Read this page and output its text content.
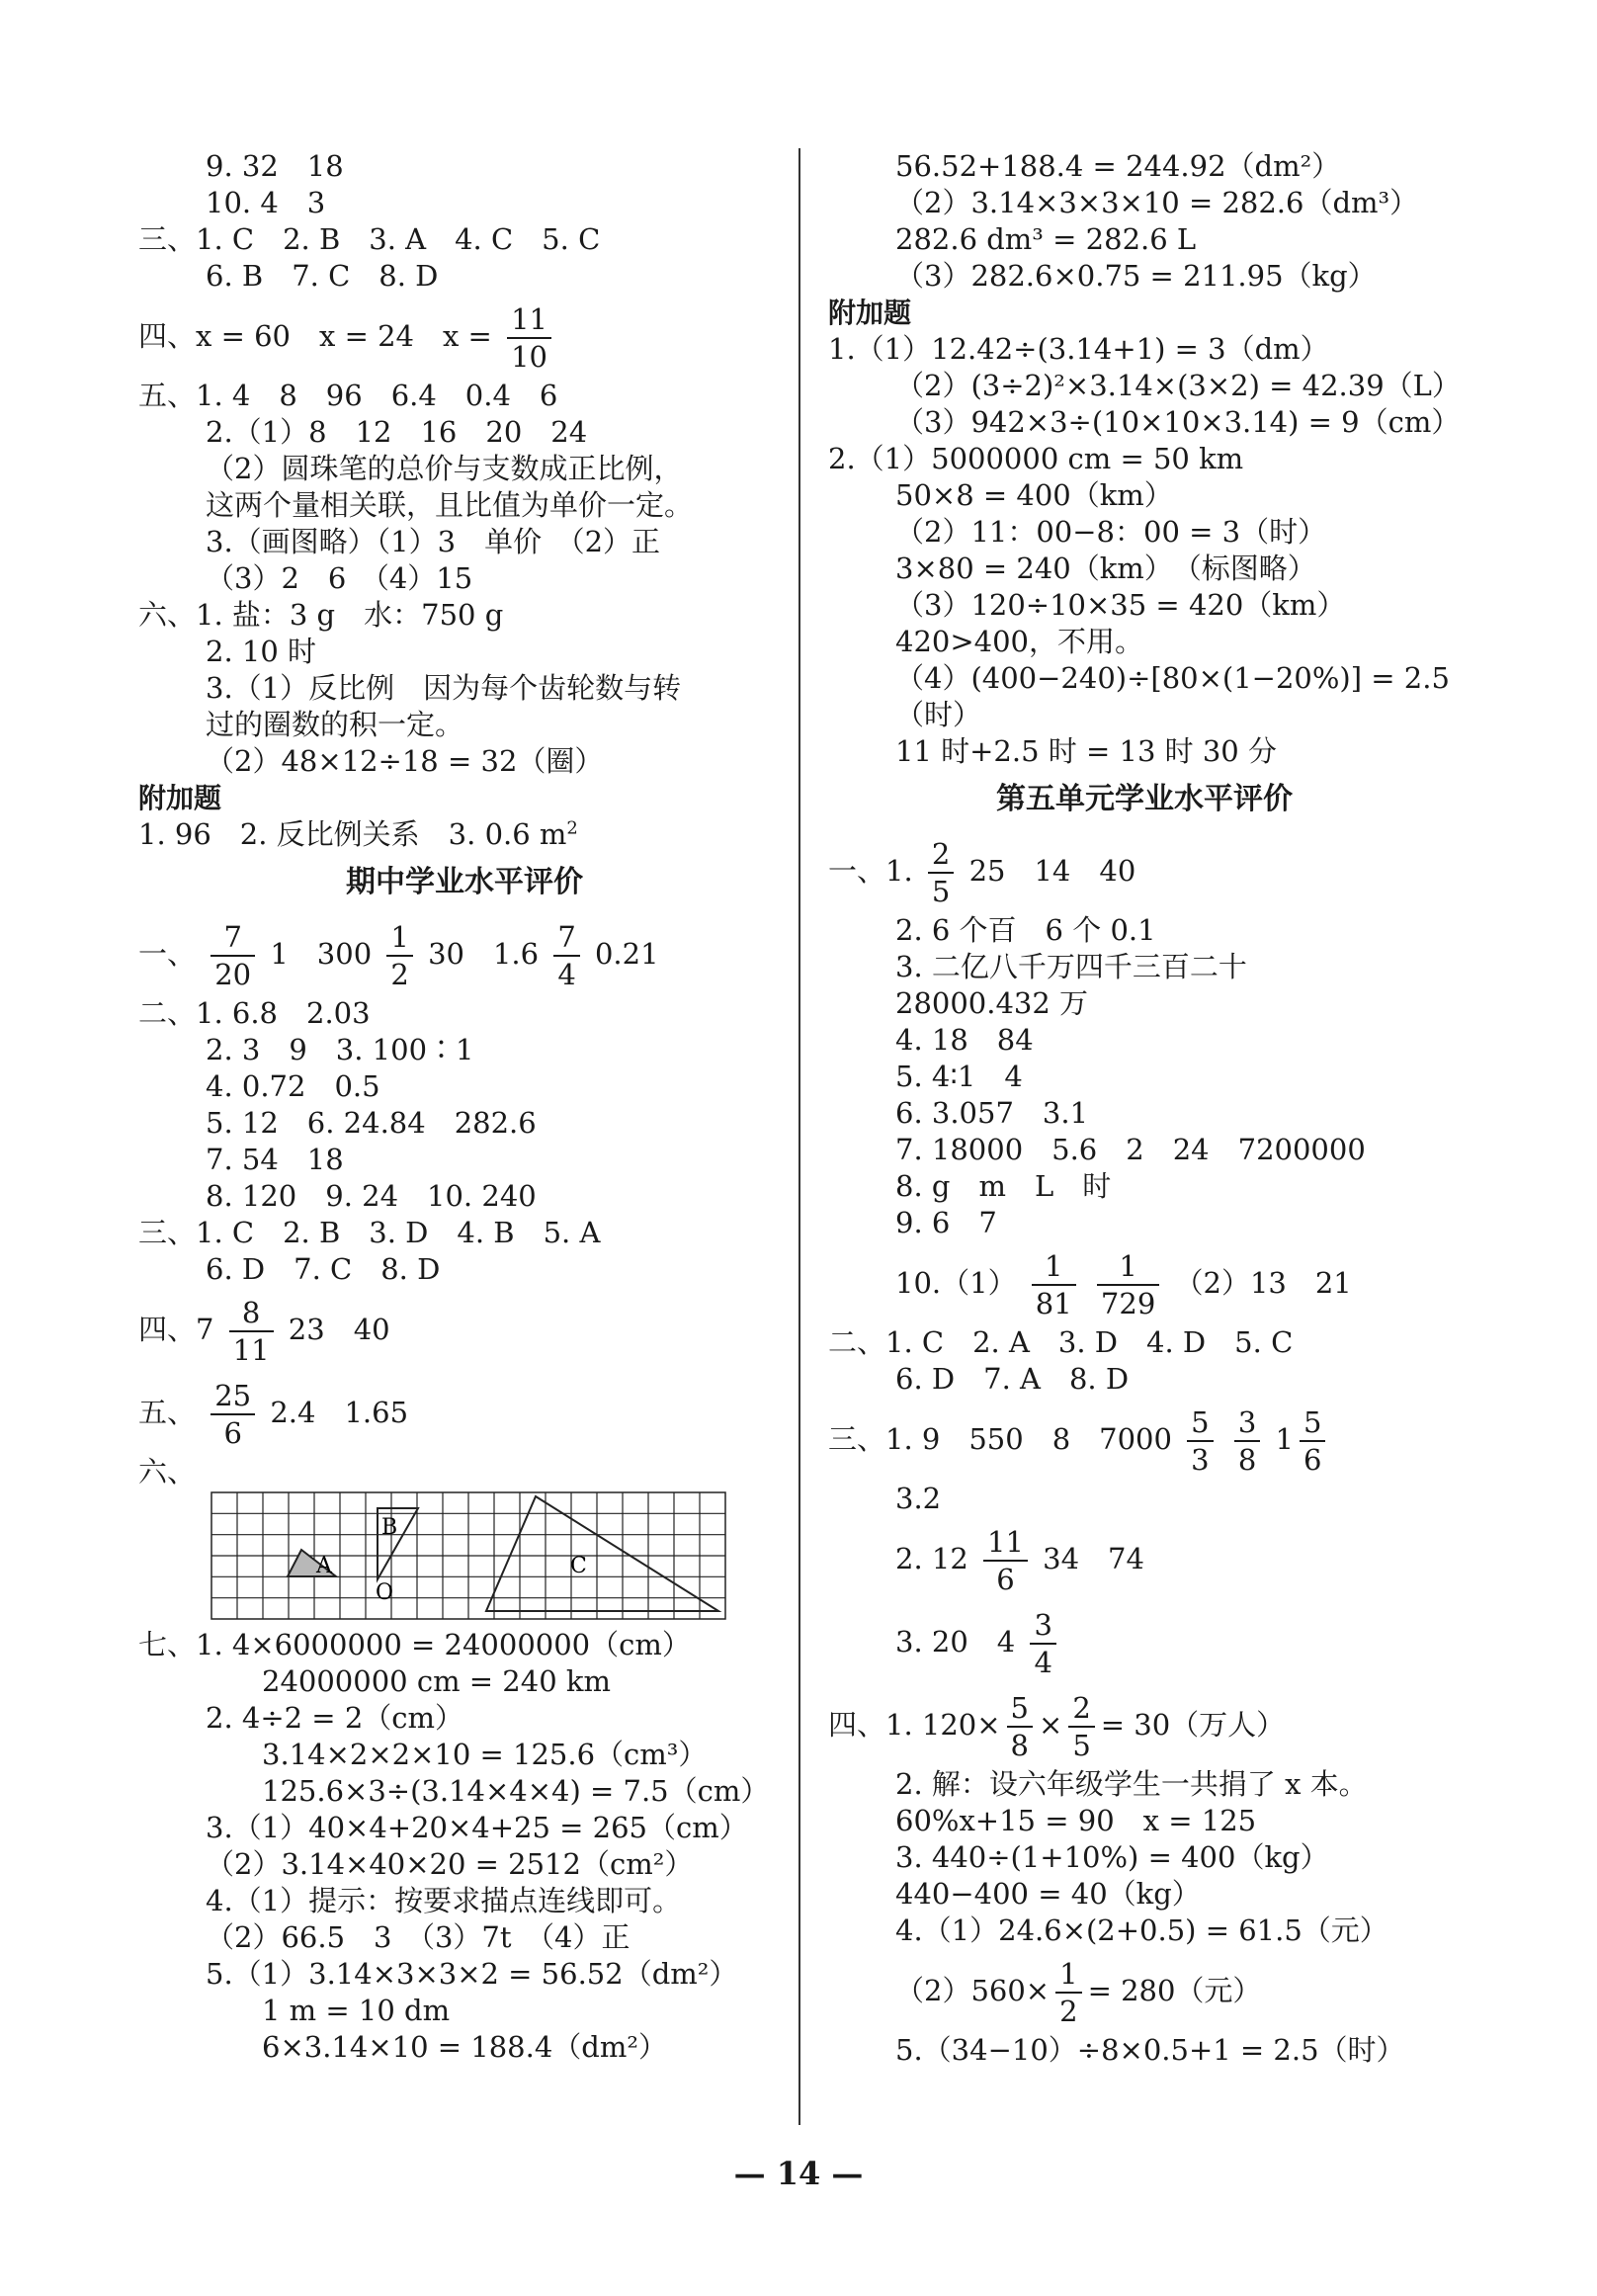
9. 32　18
10. 4　3
三、1. C　2. B　3. A　4. C　5. C
6. B　7. C　8. D
四、x = 60　x = 24　$x = \frac{11}{10}$
五、1. 4　8　96　6.4　0.4　6
2.（1）8　12　16　20　24
（2）圆珠笔的总价与支数成正比例，
这两个量相关联，且比值为单价一定。
3.（画图略）（1）3　单价　（2）正
（3）2　6　（4）15
六、1. 盐：3 g　水：750 g
2. 10 时
3.（1）反比例　因为每个齿轮数与转
过的圈数的积一定。
（2）48×12÷18 = 32（圈）
附加题
1. 96　2. 反比例关系　3. 0.6 $m^2$
期中学业水平评价
一、 $\frac{7}{20} 1$　$300 \frac{1}{2} 30$　$1.6 \frac{7}{4} 0.21$
二、1. 6.8　2.03
2. 3　9　3. 100∶1
4. 0.72　0.5
5. 12　6. 24.84　282.6
7. 54　18
8. 120　9. 24　10. 240
三、1. C　2. B　3. D　4. B　5. A
6. D　7. C　8. D
四、$7 \frac{8}{11} 23$　40
五、 $\frac{25}{6} 2.4$　1.65
六、
B
A
O
C
七、1. 4×6000000 = 24000000（cm）
24000000 cm = 240 km
2. 4÷2 = 2（cm）
3.14×2×2×10 = 125.6（cm³）
125.6×3÷(3.14×4×4) = 7.5（cm）
3.（1）40×4+20×4+25 = 265（cm）
（2）3.14×40×20 = 2512（cm²）
4.（1）提示：按要求描点连线即可。
（2）66.5　3　（3）7t　（4）正
5.（1）3.14×3×3×2 = 56.52（dm²）
1 m = 10 dm
6×3.14×10 = 188.4（dm²）
56.52+188.4 = 244.92（dm²）
（2）3.14×3×3×10 = 282.6（dm³）
282.6 dm³ = 282.6 L
（3）282.6×0.75 = 211.95（kg）
附加题
1.（1）12.42÷(3.14+1) = 3（dm）
（2）(3÷2)²×3.14×(3×2) = 42.39（L）
（3）942×3÷(10×10×3.14) = 9（cm）
2.（1）5000000 cm = 50 km
50×8 = 400（km）
（2）11：00−8：00 = 3（时）
3×80 = 240（km）　（标图略）
（3）120÷10×35 = 420（km）
420>400，不用。
（4）(400−240)÷[80×(1−20%)] = 2.5
（时）
11 时+2.5 时 = 13 时 30 分
第五单元学业水平评价
一、1. $\frac{2}{5} 25$　14　40
2. 6 个百　6 个 0.1
3. 二亿八千万四千三百二十
28000.432 万
4. 18　84
5. 4∶1　4
6. 3.057　3.1
7. 18000　5.6　2　24　7200000
8. g　m　L　时
9. 6　7
$10.(1) \frac{1}{81}$
$\frac{1}{729} (2)13$　21
二、1. C　2. A　3. D　4. D　5. C
6. D　7. A　8. D
三、1. 9　550　8　$7000 \frac{5}{3}$
$\frac{3}{8} 1 \frac{5}{6}$
3.2
2. $12 \frac{11}{6} 34$　74
3. 20　$4 \frac{3}{4}$
四、1. $120\times \frac{5}{8} \times \frac{2}{5} = 30$（万人）
2. 解：设六年级学生一共捐了 x 本。
60%x+15 = 90　x = 125
3. 440÷(1+10%) = 400（kg）
440−400 = 40（kg）
4.（1）24.6×(2+0.5) = 61.5（元）
$(2)560\times \frac{1}{2} = 280$（元）
5.（34−10）÷8×0.5+1 = 2.5（时）
— 14 —
